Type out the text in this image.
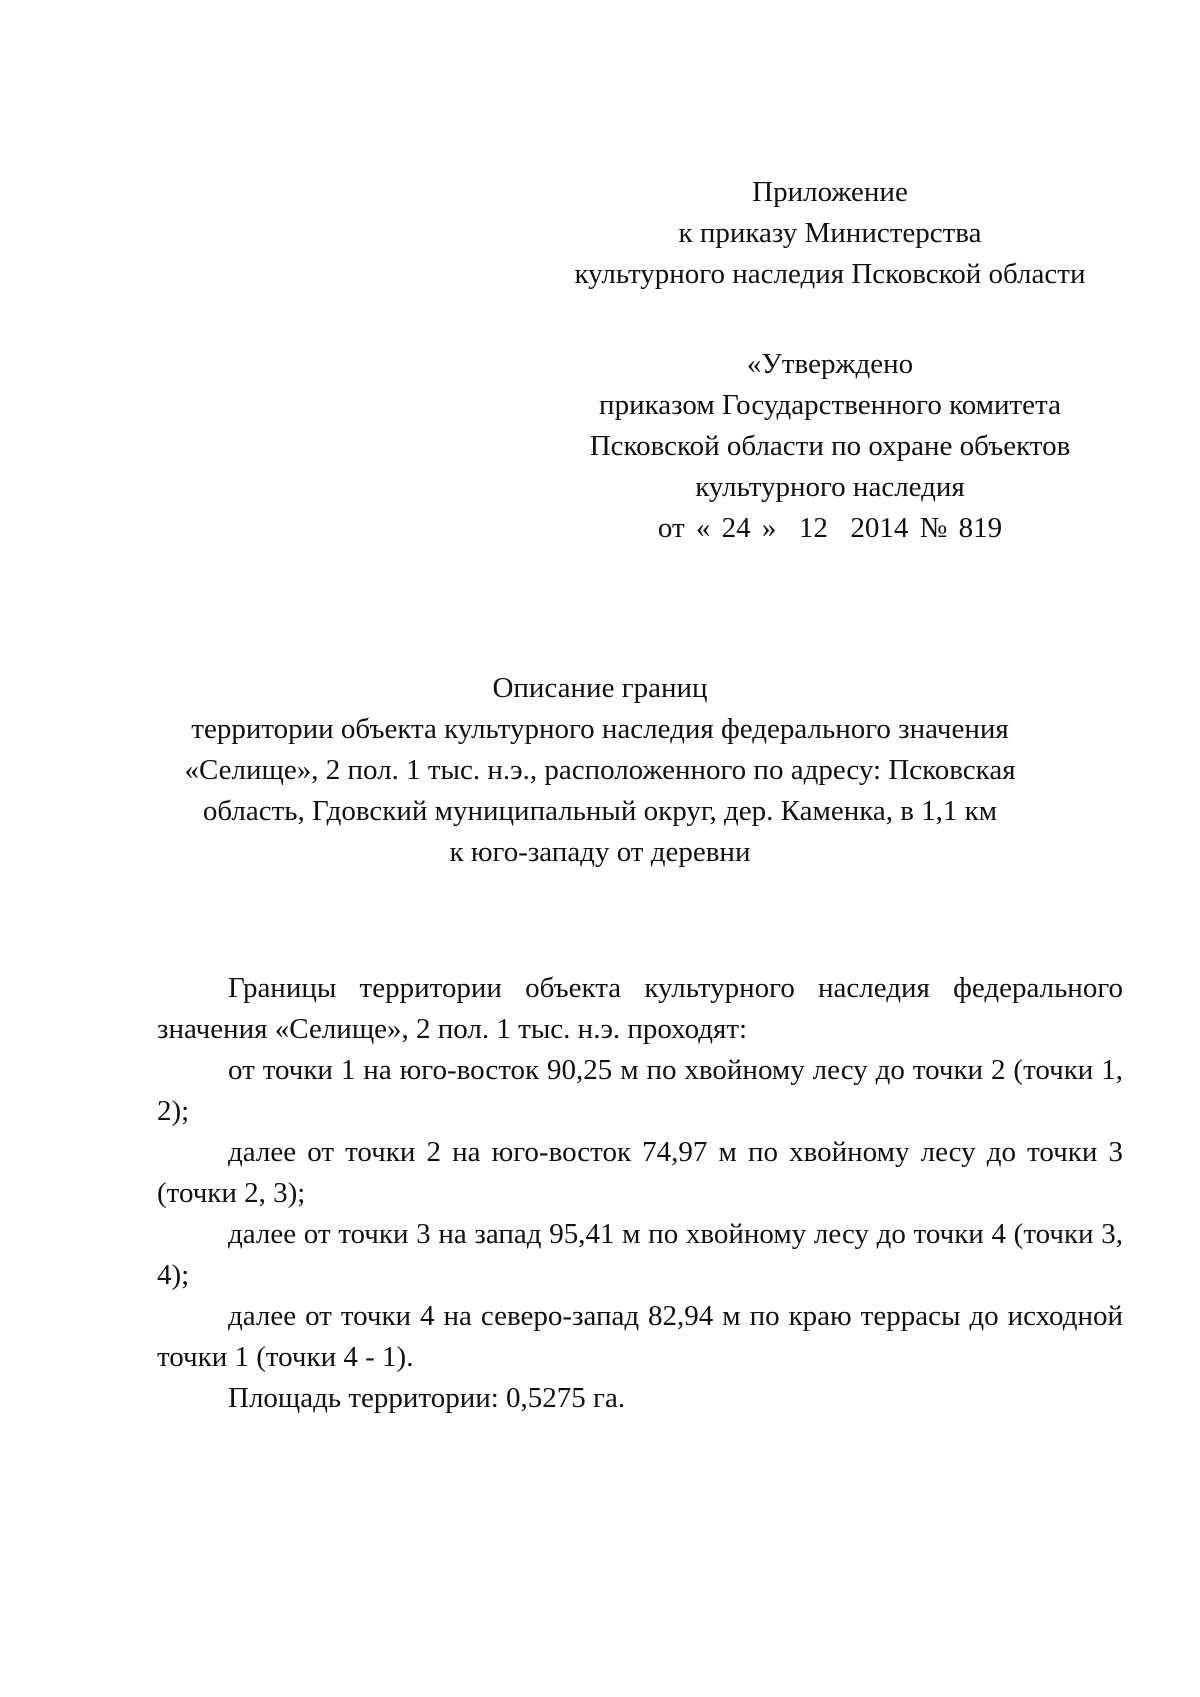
Приложение
к приказу Министерства
культурного наследия Псковской области
«Утверждено
приказом Государственного комитета
Псковской области по охране объектов
культурного наследия
от « 24 »  12  2014 № 819
Описание границ
территории объекта культурного наследия федерального значения
«Селище», 2 пол. 1 тыс. н.э., расположенного по адресу: Псковская
область, Гдовский муниципальный округ, дер. Каменка, в 1,1 км
к юго-западу от деревни

Границы территории объекта культурного наследия федерального значения «Селище», 2 пол. 1 тыс. н.э. проходят:

от точки 1 на юго-восток 90,25 м по хвойному лесу до точки 2 (точки 1, 2);

далее от точки 2 на юго-восток 74,97 м по хвойному лесу до точки 3 (точки 2, 3);

далее от точки 3 на запад 95,41 м по хвойному лесу до точки 4 (точки 3, 4);

далее от точки 4 на северо-запад 82,94 м по краю террасы до исходной точки 1 (точки 4 - 1).

Площадь территории: 0,5275 га.
